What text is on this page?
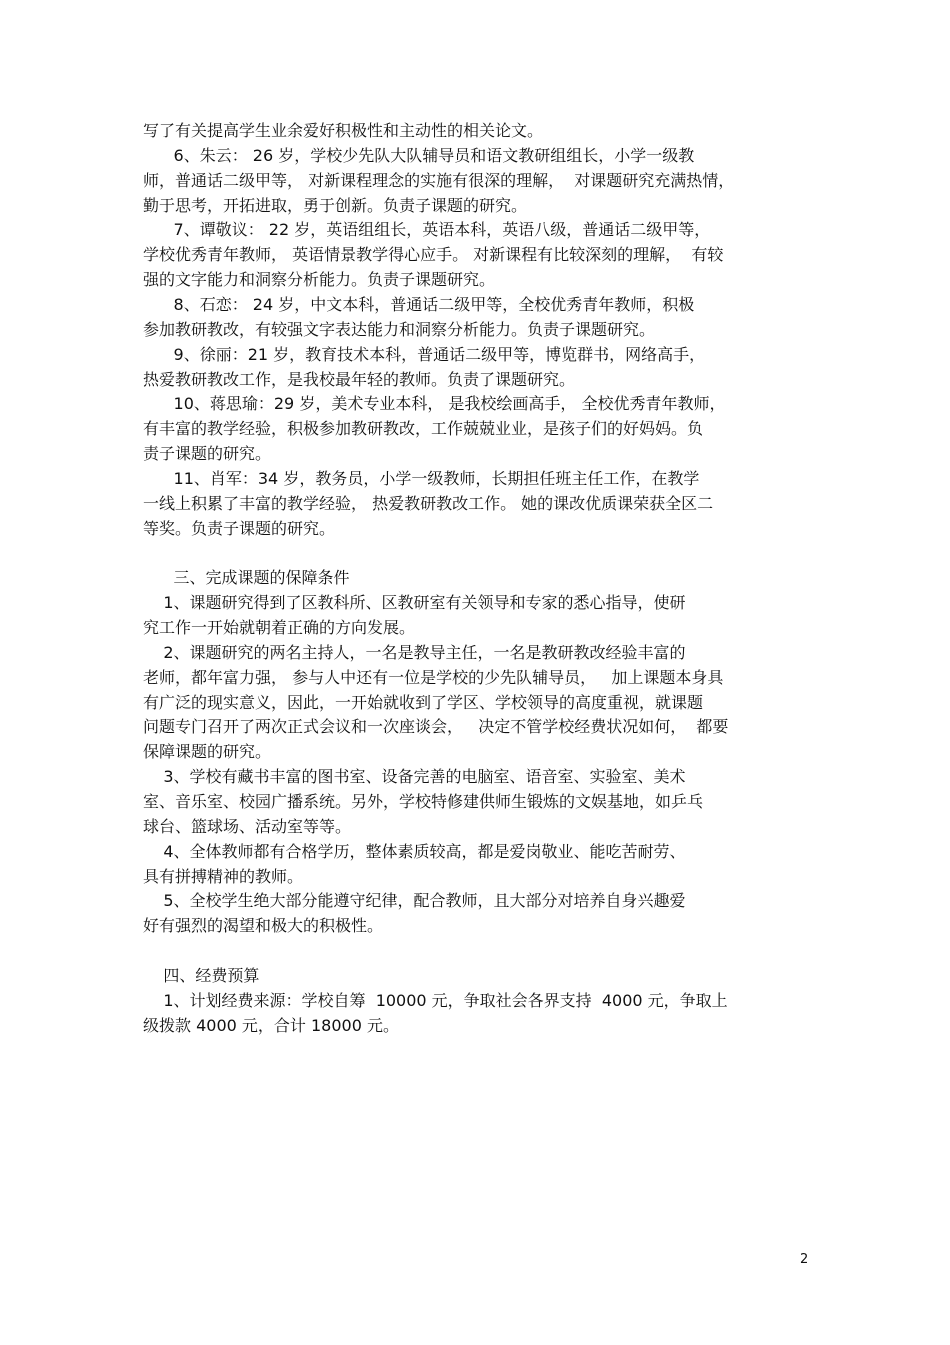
写了有关提高学生业余爱好积极性和主动性的相关论文。
6、朱云： 26 岁，学校少先队大队辅导员和语文教研组组长，小学一级教
师，普通话二级甲等， 对新课程理念的实施有很深的理解，  对课题研究充满热情，
勤于思考，开拓进取，勇于创新。负责子课题的研究。
7、谭敬议： 22 岁，英语组组长，英语本科，英语八级，普通话二级甲等，
学校优秀青年教师， 英语情景教学得心应手。 对新课程有比较深刻的理解，  有较
强的文字能力和洞察分析能力。负责子课题研究。
8、石恋： 24 岁，中文本科，普通话二级甲等，全校优秀青年教师，积极
参加教研教改，有较强文字表达能力和洞察分析能力。负责子课题研究。
9、徐丽：21 岁，教育技术本科，普通话二级甲等，博览群书，网络高手，
热爱教研教改工作，是我校最年轻的教师。负责了课题研究。
10、蒋思瑜：29 岁，美术专业本科， 是我校绘画高手， 全校优秀青年教师，
有丰富的教学经验，积极参加教研教改，工作兢兢业业，是孩子们的好妈妈。负
责子课题的研究。
11、肖军：34 岁，教务员，小学一级教师，长期担任班主任工作，在教学
一线上积累了丰富的教学经验， 热爱教研教改工作。 她的课改优质课荣获全区二
等奖。负责子课题的研究。
三、完成课题的保障条件
1、课题研究得到了区教科所、区教研室有关领导和专家的悉心指导，使研
究工作一开始就朝着正确的方向发展。
2、课题研究的两名主持人，一名是教导主任，一名是教研教改经验丰富的
老师，都年富力强， 参与人中还有一位是学校的少先队辅导员，   加上课题本身具
有广泛的现实意义，因此，一开始就收到了学区、学校领导的高度重视，就课题
问题专门召开了两次正式会议和一次座谈会，   决定不管学校经费状况如何，  都要
保障课题的研究。
3、学校有藏书丰富的图书室、设备完善的电脑室、语音室、实验室、美术
室、音乐室、校园广播系统。另外，学校特修建供师生锻炼的文娱基地，如乒乓
球台、篮球场、活动室等等。
4、全体教师都有合格学历，整体素质较高，都是爱岗敬业、能吃苦耐劳、
具有拼搏精神的教师。
5、全校学生绝大部分能遵守纪律，配合教师，且大部分对培养自身兴趣爱
好有强烈的渴望和极大的积极性。
四、经费预算
1、计划经费来源：学校自筹  10000 元，争取社会各界支持  4000 元，争取上
级拨款 4000 元，合计 18000 元。
2
